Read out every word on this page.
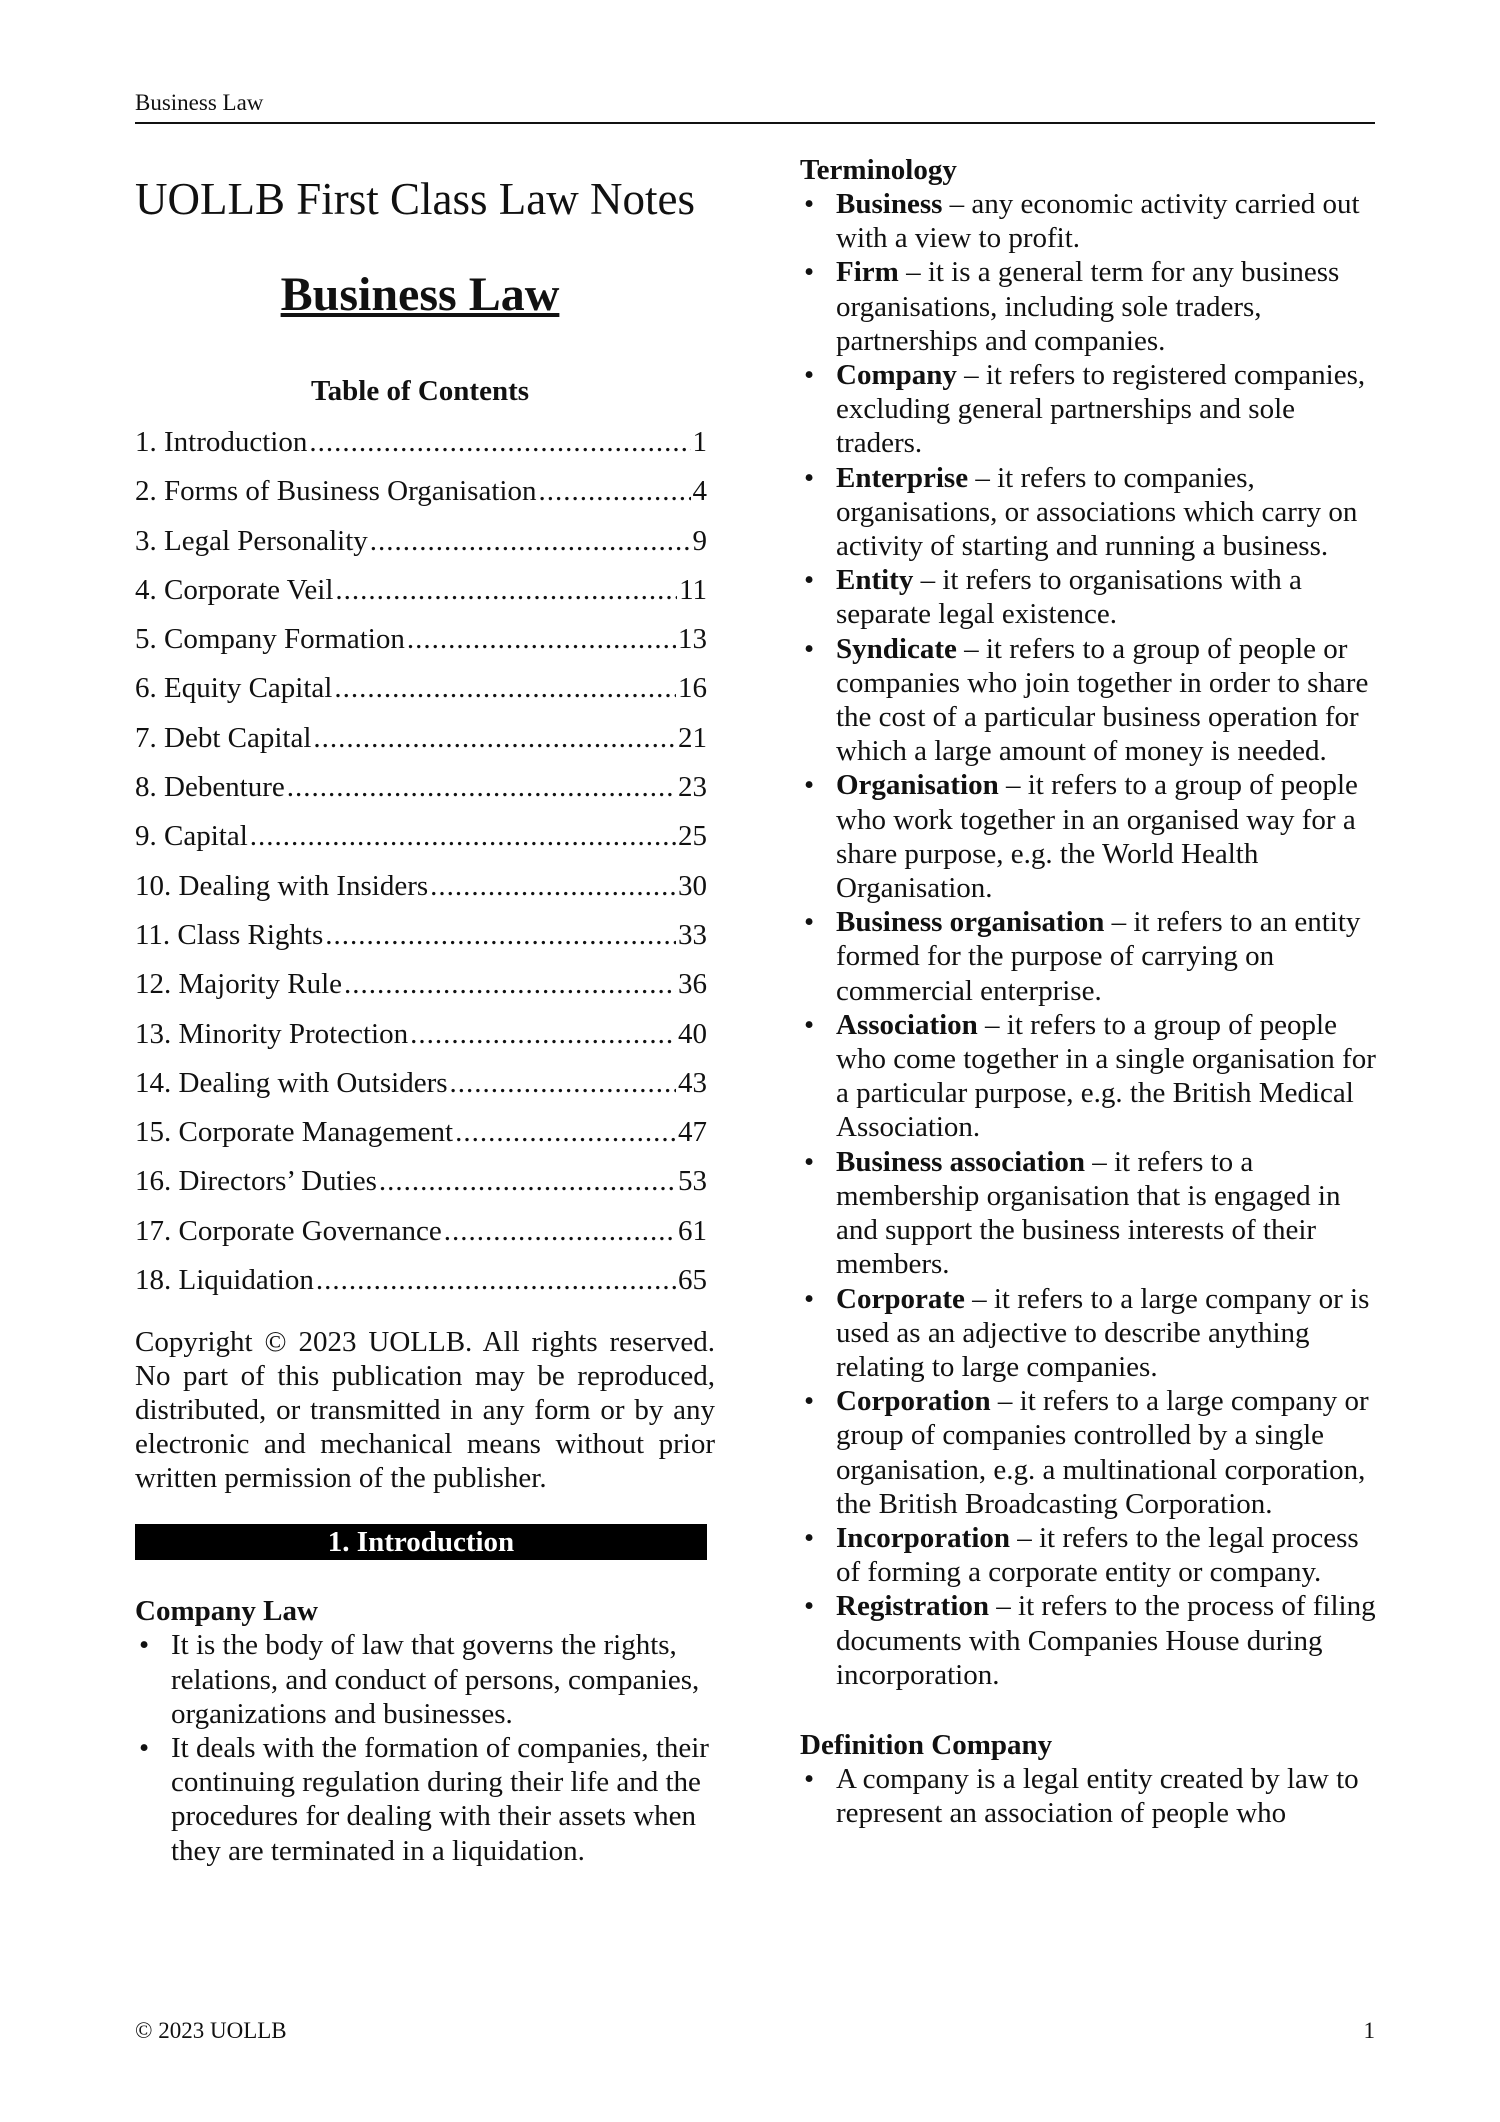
Business Law
UOLLB First Class Law Notes
Business Law
Table of Contents
1. Introduction .....	1
2. Forms of Business Organisation .....	4
3. Legal Personality .....	9
4. Corporate Veil .....	11
5. Company Formation .....	13
6. Equity Capital .....	16
7. Debt Capital .....	21
8. Debenture .....	23
9. Capital .....	25
10. Dealing with Insiders .....	30
11. Class Rights .....	33
12. Majority Rule .....	36
13. Minority Protection .....	40
14. Dealing with Outsiders .....	43
15. Corporate Management .....	47
16. Directors’ Duties .....	53
17. Corporate Governance .....	61
18. Liquidation .....	65

Copyright © 2023 UOLLB. All rights reserved. No part of this publication may be reproduced, distributed, or transmitted in any form or by any electronic and mechanical means without prior written permission of the publisher.

1. Introduction
Company Law
• It is the body of law that governs the rights, relations, and conduct of persons, companies, organizations and businesses.
• It deals with the formation of companies, their continuing regulation during their life and the procedures for dealing with their assets when they are terminated in a liquidation.
Terminology
• Business – any economic activity carried out with a view to profit.
• Firm – it is a general term for any business organisations, including sole traders, partnerships and companies.
• Company – it refers to registered companies, excluding general partnerships and sole traders.
• Enterprise – it refers to companies, organisations, or associations which carry on activity of starting and running a business.
• Entity – it refers to organisations with a separate legal existence.
• Syndicate – it refers to a group of people or companies who join together in order to share the cost of a particular business operation for which a large amount of money is needed.
• Organisation – it refers to a group of people who work together in an organised way for a share purpose, e.g. the World Health Organisation.
• Business organisation – it refers to an entity formed for the purpose of carrying on commercial enterprise.
• Association – it refers to a group of people who come together in a single organisation for a particular purpose, e.g. the British Medical Association.
• Business association – it refers to a membership organisation that is engaged in and support the business interests of their members.
• Corporate – it refers to a large company or is used as an adjective to describe anything relating to large companies.
• Corporation – it refers to a large company or group of companies controlled by a single organisation, e.g. a multinational corporation, the British Broadcasting Corporation.
• Incorporation – it refers to the legal process of forming a corporate entity or company.
• Registration – it refers to the process of filing documents with Companies House during incorporation.
Definition Company
• A company is a legal entity created by law to represent an association of people who
© 2023 UOLLB	1
